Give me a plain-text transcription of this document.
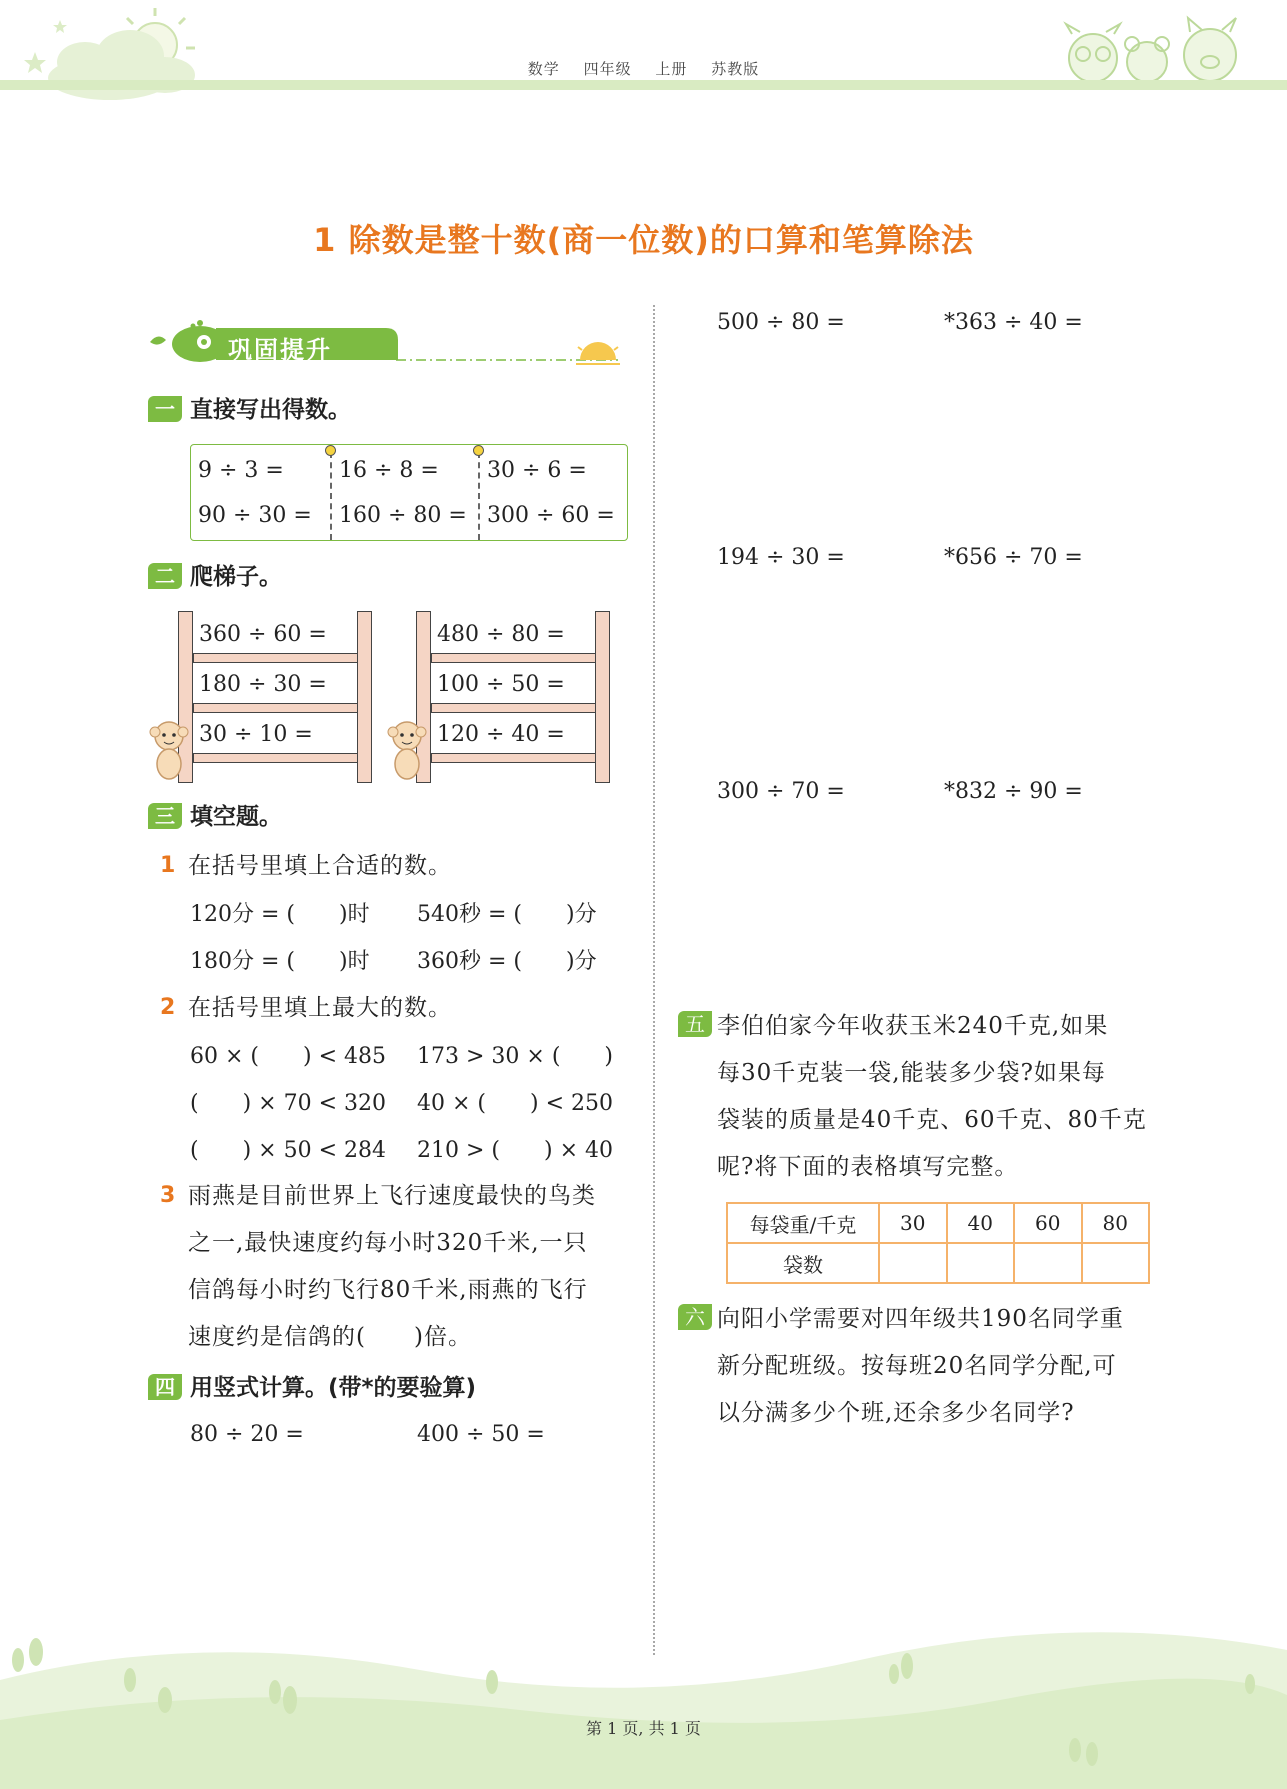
数学 四年级 上册 苏教版
1 除数是整十数(商一位数)的口算和笔算除法
巩固提升
一 直接写出得数。
9 ÷ 3 =	16 ÷ 8 = 30 ÷ 6 =
90 ÷ 30 = 160 ÷ 80 = 300 ÷ 60 =
二 爬梯子。
360 ÷ 60 =
180 ÷ 30 =
30 ÷ 10 =
480 ÷ 80 =
100 ÷ 50 =
120 ÷ 40 =
三 填空题。
1 在括号里填上合适的数。
120分 = (　　)时 540秒 = (　　)分
180分 = (　　)时 360秒 = (　　)分
2 在括号里填上最大的数。
60 × (　　) < 485 173 > 30 × (　　)
(　　) × 70 < 320 40 × (　　) < 250
(　　) × 50 < 284 210 > (　　) × 40
3 雨燕是目前世界上飞行速度最快的鸟类
之一,最快速度约每小时320千米,一只
信鸽每小时约飞行80千米,雨燕的飞行
速度约是信鸽的(　　)倍。
四 用竖式计算。(带*的要验算)
80 ÷ 20 =	400 ÷ 50 =
500 ÷ 80 =	*363 ÷ 40 =
194 ÷ 30 =	*656 ÷ 70 =
300 ÷ 70 =	*832 ÷ 90 =
五 李伯伯家今年收获玉米240千克,如果
每30千克装一袋,能装多少袋?如果每
袋装的质量是40千克、60千克、80千克
呢?将下面的表格填写完整。
每袋重/千克	30	40	60	80
袋数				
六 向阳小学需要对四年级共190名同学重
新分配班级。按每班20名同学分配,可
以分满多少个班,还余多少名同学?
第 1 页, 共 1 页
